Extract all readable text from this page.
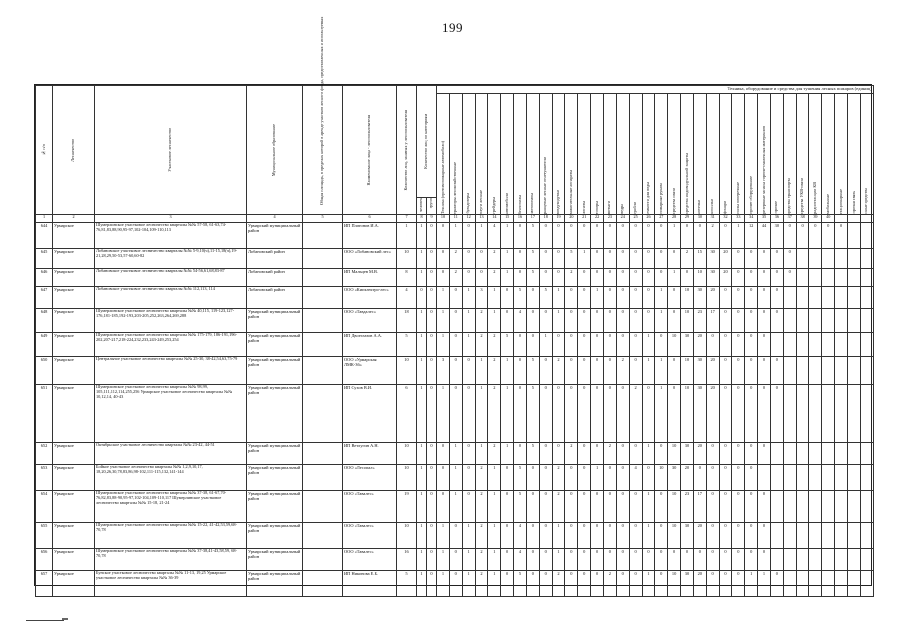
199
№ п/п	Лесничество	Участковое лесничество	Муниципальное образование	Общая площадь, в пределах которой в аренде участков лесного фонда, предоставленных и используемых	Наименование лица - лесопользователя	Количество лиц, занятых у лесопользователя	Количество лиц по категориям		Техника, оборудование и средства для тушения лесных пожаров (единиц)																																	

									Техника (противопожарные автомобили)	тракторы лесохозяйственные	бульдозеры	плуги лесные	грейдеры	автомобили	бензопилы	мотопомпы	ранцевые лесные огнетушители	воздуходувки	зажигательные аппараты	лопаты	топоры	мотыги	ведра	грабли	емкости для воды	пожарные рукава	средства связи	средства индивидуальной защиты	аптечки	носилки	фонари	пилы поперечные	прочее оборудование	резервные запасы горюче-смазочных материалов	прочие	средства транспорта	средства УКВ-связи	радиостанции КВ	мобильные	стационарные	прочая связь	иные средства

							человек	групп																																		

1	2	3	4	5	6	7	8	9	10	11	12	13	14	15	16	17	18	19	20	21	22	23	24	25	26	27	28	29	30	31	32	33	34	35	36	37	38	39	40			
644	Урмарское	Шумерлинское участковое лесничество кварталы №№ 57-58, 61-63,74-76,81,83,88,90,95-97,102-104,109-110,113	Урмарский муниципальный район		ИП Платонов И.А.	1	1	0	0	1	0	1	4	1	0	5	0	0	0	0	0	0	0	0	0	0	1	0	0	2	0	1	12	44	30	0	0	0	0	0		
645	Урмарское	Лобановское участковое лесничество кварталы №№ 5-9,10(ч),11-15,18(ч),19-21,28,29,50-53,57-60,60-82	Лобановский район		ООО «Лобановский лес»	10	1	0	0	2	0	0	2	1	0	5	0	0	5	1	0	0	0	0	0	0	0	2	15	30	20	0	0	0	0	0						
646	Урмарское	Лобановское участковое лесничество кварталы №№ 54-56,61,68,83-87	Лобановский район		ИП Мальцев М.В.	8	1	0	0	2	0	0	2	1	0	5	0	0	2	0	0	0	0	0	0	0	1	0	10	30	20	0	0	0	0	0						
647	Урмарское	Лобановское участковое лесничество кварталы №№ 112,113, 114	Лобановский район		ООО «Кипэлектро-лес»	4	0	0	1	0	1	3	1	0	5	0	5	1	0	0	1	0	0	0	0	1	0	10	30	20	0	0	0	0	0							
648	Урмарское	Шумерлинское участковое лесничество кварталы №№ 40,115, 119-123,127-176,181-185,192-193,203-205,252,263,264,269,288	Урмарский муниципальный район		ООО «Тавдалес»	18	1	0	1	0	1	2	1	0	4	0	0	1	0	0	0	0	0	0	0	1	0	10	23	17	0	0	0	0	0							
649	Урмарское	Шумерлинское участковое лесничество кварталы №№ 175-179, 186-191,196-202,207-217,218-224,232,233,243-249,253,254	Урмарский муниципальный район		ИП Двоеглазов А.А.	5	1	0	1	0	1	2	2	5	0	0	1	0	0	0	0	0	0	0	1	0	10	30	20	0	0	0	0	0								
650	Урмарское	Центральное участковое лесничество кварталы №№ 25-30, 38-42,54,63,75-79	Урмарский муниципальный район		ООО «Урмарская ЛМК-36»	10	1	0	3	0	0	1	2	1	0	5	0	2	0	0	0	0	2	0	1	1	0	10	30	20	0	0	0	0	0							
651	Урмарское	Шумерлинское участковое лесничество кварталы №№ 98,99, 105,111,112,114,255,256 Урмарское участковое лесничество кварталы №№ 10,12,14, 40-43	Урмарский муниципальный район		ИП Сухов В.И.	6	1	0	1	0	0	1	2	1	0	5	0	0	0	0	0	0	0	2	0	1	0	10	30	20	0	0	0	0	0							
652	Урмарское	Октябрьское участковое лесничество кварталы №№ 23-42, 44-51	Урмарский муниципальный район		ИП Ветлугин А.Н.	10	1	0	0	1	0	1	2	1	0	5	0	0	2	0	0	2	0	0	1	0	10	30	20	0	0	0	0	0								
653	Урмарское	Бойкое участковое лесничество кварталы №№ 1,2,9,10,17, 18,20,26,30,78,83,86,98-102,111-115,132,141-144	Урмарский муниципальный район		ООО «Лесопал»	10	1	0	0	1	0	2	1	0	5	0	0	2	0	0	1	0	0	4	0	10	30	20	0	0	0	0	0									
654	Урмарское	Шумерлинское участковое лесничество кварталы №№ 37-38, 61-67,70-76,82,83,88-90,95-97,102-104,109-110,117 Шумерлинское участковое лесничество кварталы №№ 15-18, 21-24	Урмарский муниципальный район		ООО «Тавалес»	19	1	0	0	1	0	2	1	0	5	0	0	2	0	0	0	0	0	0	1	0	10	23	17	0	0	0	0	0								
655	Урмарское	Шумерлинское участковое лесничество кварталы №№ 15-22, 41-42,53,59,68-70,78	Урмарский муниципальный район		ООО «Тавалес»	10	1	0	1	0	1	2	1	0	4	0	0	1	0	0	0	0	0	0	1	0	10	30	20	0	0	0	0	0								
656	Урмарское	Шумерлинское участковое лесничество кварталы №№ 37-38,41-43,58,59, 68-70,78	Урмарский муниципальный район		ООО «Тавалес»	16	1	0	1	0	1	2	1	0	4	0	0	1	0	0	0	0	0	0	0	0	0	0	0	0	0	0	0	0								
657	Урмарское	Бунское участковое лесничество кварталы №№ 11-13, 19,25 Урмарское участковое лесничество кварталы №№ 36-39	Урмарский муниципальный район		ИП Никонова Е.Б.	5	1	0	1	0	1	2	1	0	5	0	0	2	0	0	0	2	0	0	1	0	10	30	20	0	0	0	1	1	0							
